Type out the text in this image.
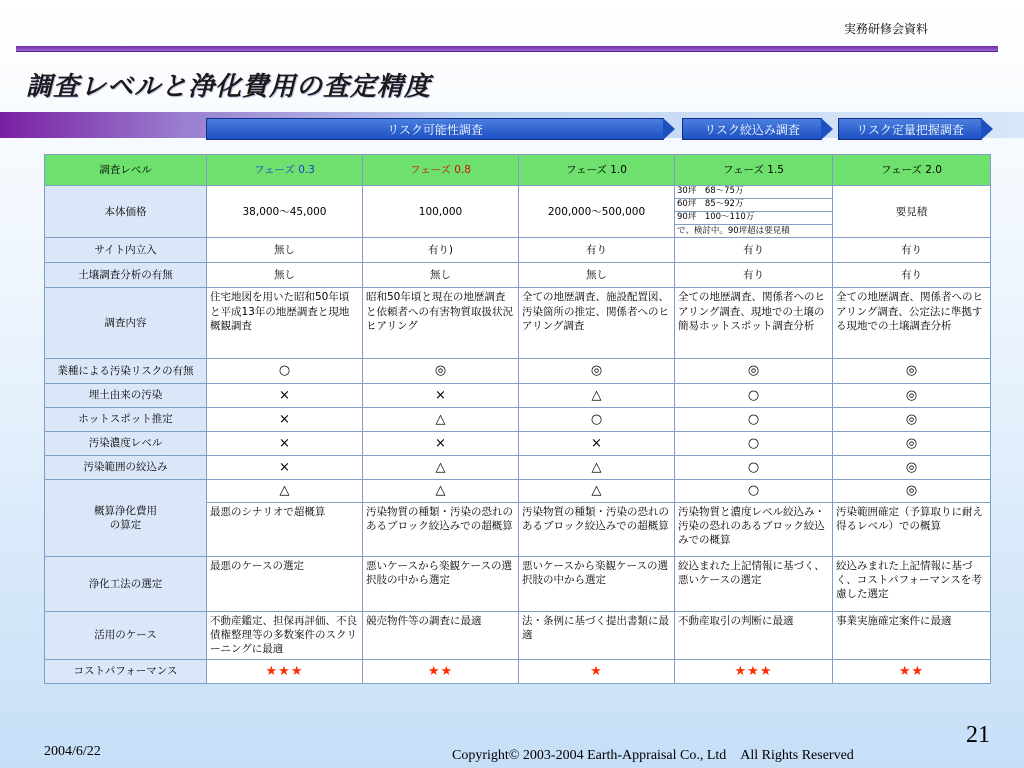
実務研修会資料
調査レベルと浄化費用の査定精度
リスク可能性調査	リスク絞込み調査	リスク定量把握調査
調査レベル	フェーズ 0.3	フェーズ 0.8	フェーズ 1.0	フェーズ 1.5	フェーズ 2.0
本体価格	38,000～45,000	100,000	200,000～500,000	30坪　68～75万	要見積
				60坪　85～92万	
				90坪　100～110万	
				で、検討中。90坪超は要見積	
サイト内立入	無し	有り)	有り	有り	有り
土壌調査分析の有無	無し	無し	無し	有り	有り
調査内容	住宅地図を用いた昭和50年頃と平成13年の地歴調査と現地概観調査	昭和50年頃と現在の地歴調査と依頼者への有害物質取扱状況ヒアリング	全ての地歴調査、施設配置図、汚染箇所の推定、関係者へのヒアリング調査	全ての地歴調査、関係者へのヒアリング調査、現地での土壌の簡易ホットスポット調査分析	全ての地歴調査、関係者へのヒアリング調査、公定法に準拠する現地での土壌調査分析
業種による汚染リスクの有無	○	◎	◎	◎	◎
埋土由来の汚染	×	×	△	○	◎
ホットスポット推定	×	△	○	○	◎
汚染濃度レベル	×	×	×	○	◎
汚染範囲の絞込み	×	△	△	○	◎

概算浄化費用
の算定	△	△	△	○	◎
	最悪のシナリオで超概算	汚染物質の種類・汚染の恐れのあるブロック絞込みでの超概算	汚染物質の種類・汚染の恐れのあるブロック絞込みでの超概算	汚染物質と濃度レベル絞込み・汚染の恐れのあるブロック絞込みでの概算	汚染範囲確定（予算取りに耐え得るレベル）での概算
浄化工法の選定	最悪のケースの選定	悪いケースから楽観ケースの選択肢の中から選定	悪いケースから楽観ケースの選択肢の中から選定	絞込まれた上記情報に基づく、悪いケースの選定	絞込みまれた上記情報に基づく、コストパフォーマンスを考慮した選定
活用のケース	不動産鑑定、担保再評価、不良債権整理等の多数案件のスクリーニングに最適	競売物件等の調査に最適	法・条例に基づく提出書類に最適	不動産取引の判断に最適	事業実施確定案件に最適
コストパフォーマンス	★★★	★★	★	★★★	★★
21
2004/6/22	Copyright© 2003-2004 Earth-Appraisal Co., Ltd　All Rights Reserved
